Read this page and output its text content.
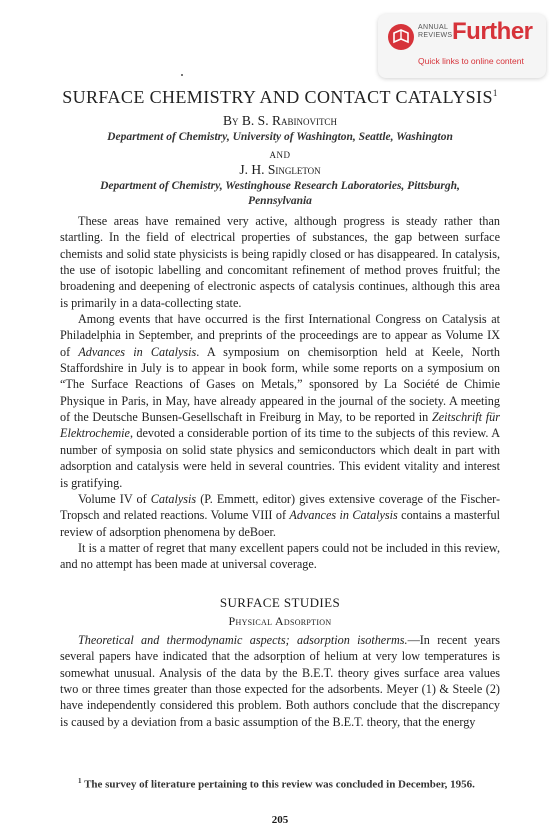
ANNUAL
REVIEWS Further
Quick links to online content
SURFACE CHEMISTRY AND CONTACT CATALYSIS$^1$
By B. S. Rabinovitch
Department of Chemistry, University of Washington, Seattle, Washington
AND
J. H. Singleton
Department of Chemistry, Westinghouse Research Laboratories, Pittsburgh,
Pennsylvania

These areas have remained very active, although progress is steady rather than startling. In the field of electrical properties of substances, the gap between surface chemists and solid state physicists is being rapidly closed or has disappeared. In catalysis, the use of isotopic labelling and concomitant refinement of method proves fruitful; the broadening and deepening of electronic aspects of catalysis continues, although this area is primarily in a data-collecting state.

Among events that have occurred is the first International Congress on Catalysis at Philadelphia in September, and preprints of the proceedings are to appear as Volume IX of Advances in Catalysis. A symposium on chemisorption held at Keele, North Staffordshire in July is to appear in book form, while some reports on a symposium on “The Surface Reactions of Gases on Metals,” sponsored by La Société de Chimie Physique in Paris, in May, have already appeared in the journal of the society. A meeting of the Deutsche Bunsen-Gesellschaft in Freiburg in May, to be reported in Zeitschrift für Elektrochemie, devoted a considerable portion of its time to the subjects of this review. A number of symposia on solid state physics and semiconductors which dealt in part with adsorption and catalysis were held in several countries. This evident vitality and interest is gratifying.

Volume IV of Catalysis (P. Emmett, editor) gives extensive coverage of the Fischer-Tropsch and related reactions. Volume VIII of Advances in Catalysis contains a masterful review of adsorption phenomena by deBoer.

It is a matter of regret that many excellent papers could not be included in this review, and no attempt has been made at universal coverage.

SURFACE STUDIES
Physical Adsorption

Theoretical and thermodynamic aspects; adsorption isotherms.—In recent years several papers have indicated that the adsorption of helium at very low temperatures is somewhat unusual. Analysis of the data by the B.E.T. theory gives surface area values two or three times greater than those expected for the adsorbents. Meyer (1) & Steele (2) have independently considered this problem. Both authors conclude that the discrepancy is caused by a deviation from a basic assumption of the B.E.T. theory, that the energy

$^1$ The survey of literature pertaining to this review was concluded in December, 1956.
205
